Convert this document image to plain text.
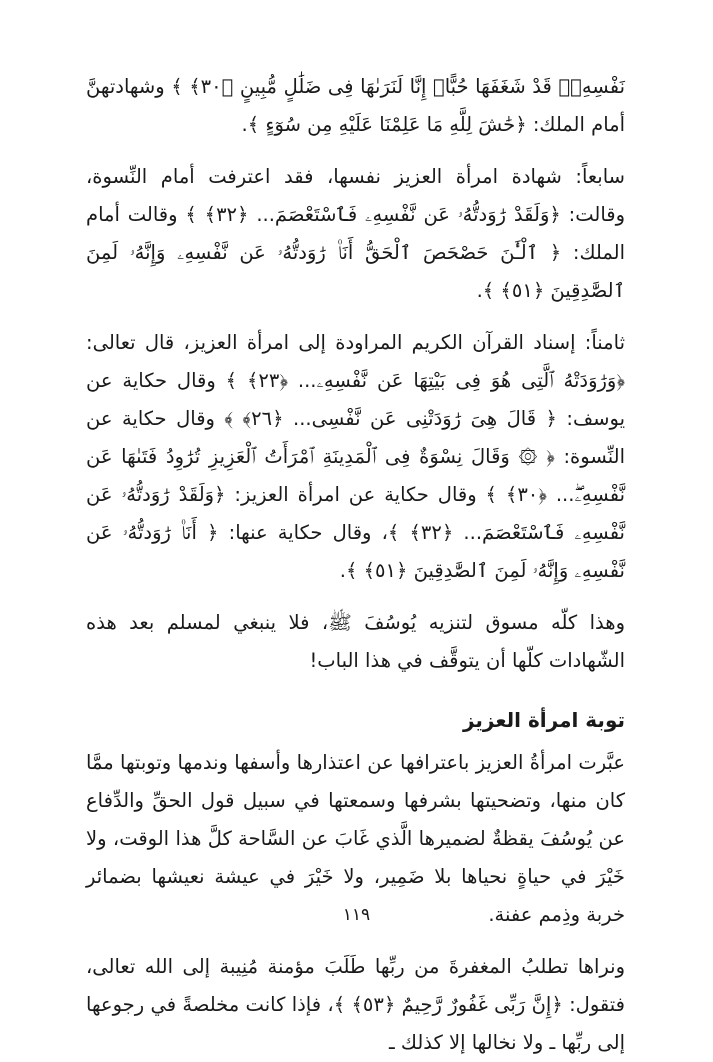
نَفْسِهِۦۖ قَدْ شَغَفَهَا حُبًّاۖ إِنَّا لَنَرَىٰهَا فِى ضَلَٰلٍ مُّبِينٍ ﴿٣٠﴾ ﴾ وشهادتهنَّ أمام الملك: ﴿حَٰشَ لِلَّهِ مَا عَلِمْنَا عَلَيْهِ مِن سُوٓءٍ ﴾.

سابعاً: شهادة امرأة العزيز نفسها، فقد اعترفت أمام النِّسوة، وقالت: ﴿وَلَقَدْ رَٰوَدتُّهُۥ عَن نَّفْسِهِۦ فَٱسْتَعْصَمَ... ﴿٣٢﴾ ﴾ وقالت أمام الملك: ﴿ ٱلْـَٰٔنَ حَصْحَصَ ٱلْحَقُّ أَنَا۠ رَٰوَدتُّهُۥ عَن نَّفْسِهِۦ وَإِنَّهُۥ لَمِنَ ٱلصَّٰدِقِينَ ﴿٥١﴾ ﴾.

ثامناً: إسناد القرآن الكريم المراودة إلى امرأة العزيز، قال تعالى: ﴿وَرَٰوَدَتْهُ ٱلَّتِى هُوَ فِى بَيْتِهَا عَن نَّفْسِهِۦ... ﴿٢٣﴾ ﴾ وقال حكاية عن يوسف: ﴿ قَالَ هِىَ رَٰوَدَتْنِى عَن نَّفْسِى... ﴿٢٦﴾ ﴾ وقال حكاية عن النِّسوة: ﴿ ۞ وَقَالَ نِسْوَةٌ فِى ٱلْمَدِينَةِ ٱمْرَأَتُ ٱلْعَزِيزِ تُرَٰوِدُ فَتَىٰهَا عَن نَّفْسِهِۦۖ... ﴿٣٠﴾ ﴾ وقال حكاية عن امرأة العزيز: ﴿وَلَقَدْ رَٰوَدتُّهُۥ عَن نَّفْسِهِۦ فَٱسْتَعْصَمَ... ﴿٣٢﴾ ﴾، وقال حكاية عنها: ﴿ أَنَا۠ رَٰوَدتُّهُۥ عَن نَّفْسِهِۦ وَإِنَّهُۥ لَمِنَ ٱلصَّٰدِقِينَ ﴿٥١﴾ ﴾.

وهذا كلّه مسوق لتنزيه يُوسُفَ ﷺ، فلا ينبغي لمسلم بعد هذه الشّهادات كلّها أن يتوقَّف في هذا الباب!

توبة امرأة العزيز

عبَّرت امرأةُ العزيز باعترافها عن اعتذارها وأسفها وندمها وتوبتها ممَّا كان منها، وتضحيتها بشرفها وسمعتها في سبيل قول الحقِّ والدِّفاع عن يُوسُفَ يقظةٌ لضميرها الَّذي غَابَ عن السَّاحة كلَّ هذا الوقت، ولا خَيْرَ في حياةٍ نحياها بلا ضَمِير، ولا خَيْرَ في عيشة نعيشها بضمائر خربة وذِمم عفنة.

ونراها تطلبُ المغفرةَ من ربِّها طَلَبَ مؤمنة مُنِيبة إلى الله تعالى، فتقول: ﴿إِنَّ رَبِّى غَفُورٌ رَّحِيمٌ ﴿٥٣﴾ ﴾، فإذا كانت مخلصةً في رجوعها إلى ربِّها ـ ولا نخالها إلا كذلك ـ

١١٩
